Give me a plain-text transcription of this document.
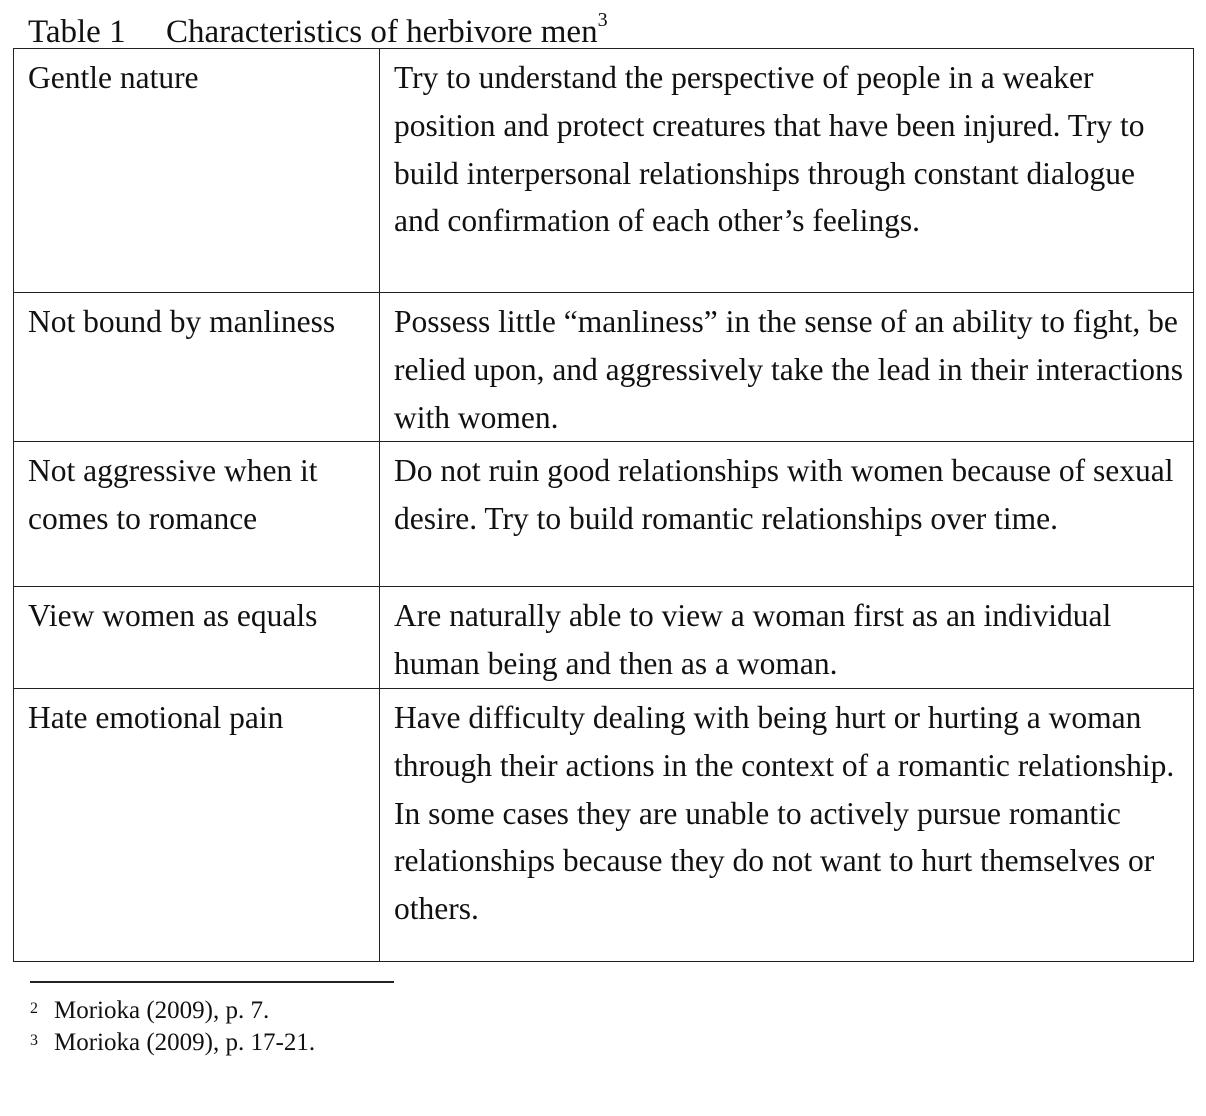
Table 1 Characteristics of herbivore men$^3$
Gentle nature	Try to understand the perspective of people in a weaker position and protect creatures that have been injured. Try to build interpersonal relationships through constant dialogue and confirmation of each other’s feelings.
Not bound by manliness	Possess little “manliness” in the sense of an ability to fight, be relied upon, and aggressively take the lead in their interactions with women.
Not aggressive when it comes to romance	Do not ruin good relationships with women because of sexual desire. Try to build romantic relationships over time.
View women as equals	Are naturally able to view a woman first as an individual human being and then as a woman.
Hate emotional pain	Have difficulty dealing with being hurt or hurting a woman through their actions in the context of a romantic relationship. In some cases they are unable to actively pursue romantic relationships because they do not want to hurt themselves or others.
2 Morioka (2009), p. 7.
3 Morioka (2009), p. 17-21.
